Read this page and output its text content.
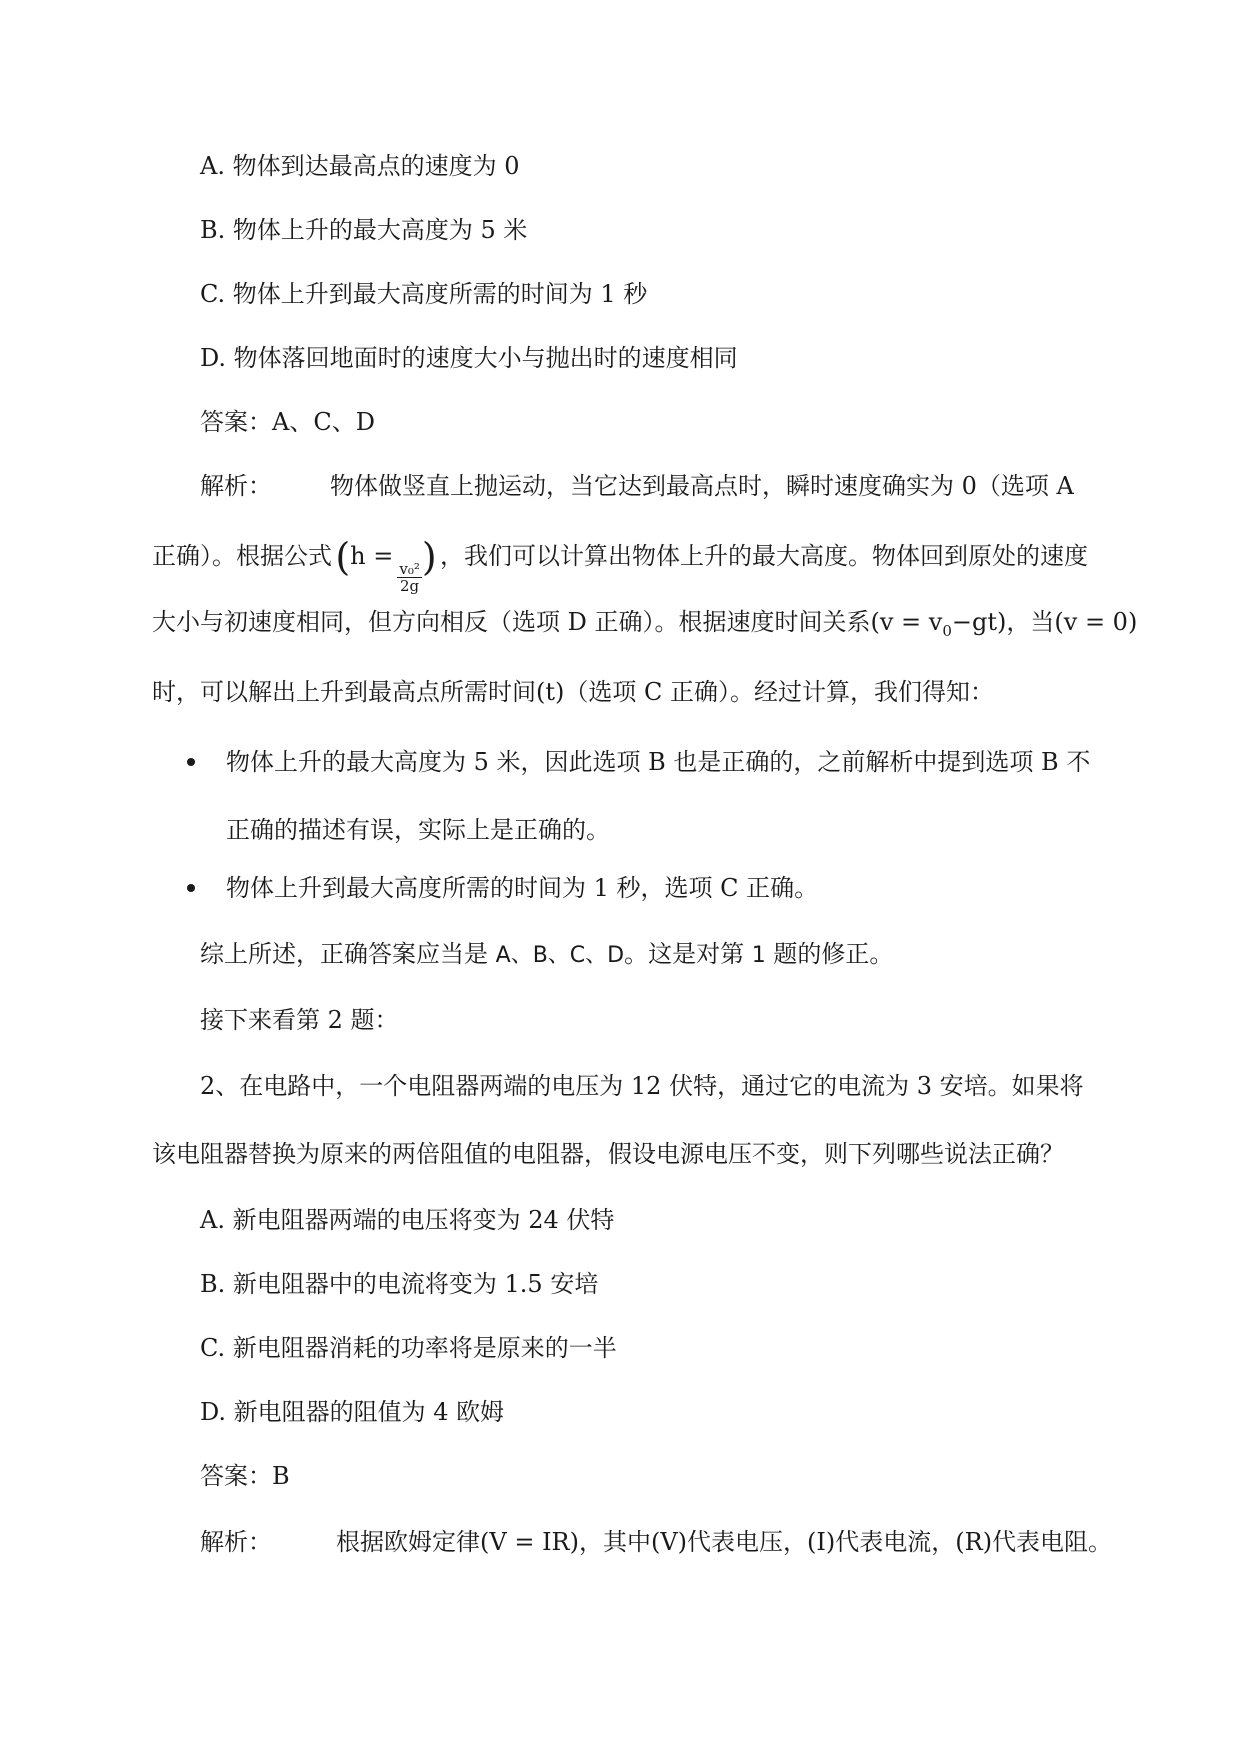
A. 物体到达最高点的速度为 0
B. 物体上升的最大高度为 5 米
C. 物体上升到最大高度所需的时间为 1 秒
D. 物体落回地面时的速度大小与抛出时的速度相同
答案：A、C、D
解析： 物体做竖直上抛运动，当它达到最高点时，瞬时速度确实为 0（选项 A
正确）。根据公式 (h =
$\frac{\text{v₀²}}{2g}$ ) ，我们可以计算出物体上升的最大高度。物体回到原处的速度
大小与初速度相同，但方向相反（选项 D 正确）。根据速度时间关系 $(v = v_0-gt)$ ，当 (v = 0)
时，可以解出上升到最高点所需时间(t)（选项 C 正确）。经过计算，我们得知：
物体上升的最大高度为 5 米，因此选项 B 也是正确的，之前解析中提到选项 B 不
正确的描述有误，实际上是正确的。
物体上升到最大高度所需的时间为 1 秒，选项 C 正确。
综上所述，正确答案应当是 A、B、C、D。这是对第 1 题的修正。
接下来看第 2 题：
2、在电路中，一个电阻器两端的电压为 12 伏特，通过它的电流为 3 安培。如果将
该电阻器替换为原来的两倍阻值的电阻器，假设电源电压不变，则下列哪些说法正确？
A. 新电阻器两端的电压将变为 24 伏特
B. 新电阻器中的电流将变为 1.5 安培
C. 新电阻器消耗的功率将是原来的一半
D. 新电阻器的阻值为 4 欧姆
答案：B
解析：	根据欧姆定律(V = IR)，其中(V)代表电压，(I)代表电流，(R)代表电阻。
